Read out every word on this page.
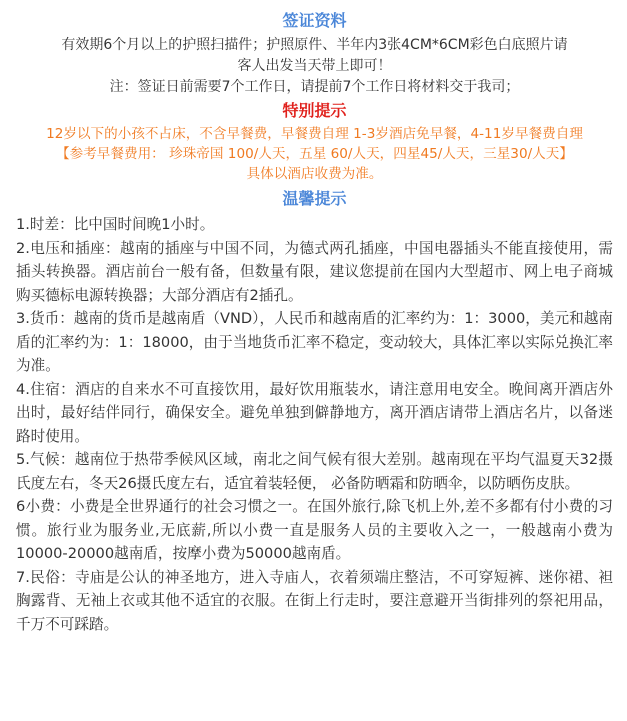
签证资料
有效期6个月以上的护照扫描件；护照原件、半年内3张4CM*6CM彩色白底照片请
客人出发当天带上即可！
注：签证日前需要7个工作日，请提前7个工作日将材料交于我司；
特别提示
12岁以下的小孩不占床，不含早餐费，早餐费自理 1-3岁酒店免早餐，4-11岁早餐费自理
【参考早餐费用： 珍珠帝国 100/人天，五星 60/人天，四星45/人天，三星30/人天】
具体以酒店收费为准。
温馨提示

1.时差：比中国时间晚1小时。

2.电压和插座：越南的插座与中国不同，为德式两孔插座，中国电器插头不能直接使用，需插头转换器。酒店前台一般有备，但数量有限，建议您提前在国内大型超市、网上电子商城购买德标电源转换器；大部分酒店有2插孔。

3.货币：越南的货币是越南盾（VND），人民币和越南盾的汇率约为：1：3000，美元和越南盾的汇率约为：1：18000，由于当地货币汇率不稳定，变动较大，具体汇率以实际兑换汇率为准。

4.住宿：酒店的自来水不可直接饮用，最好饮用瓶装水，请注意用电安全。晚间离开酒店外出时，最好结伴同行，确保安全。避免单独到僻静地方，离开酒店请带上酒店名片，以备迷路时使用。

5.气候：越南位于热带季候风区域，南北之间气候有很大差别。越南现在平均气温夏天32摄氏度左右，冬天26摄氏度左右，适宜着装轻便， 必备防晒霜和防晒伞，以防晒伤皮肤。

6小费：小费是全世界通行的社会习惯之一。在国外旅行,除飞机上外,差不多都有付小费的习惯。旅行业为服务业,无底薪,所以小费一直是服务人员的主要收入之一，一般越南小费为10000-20000越南盾，按摩小费为50000越南盾。

7.民俗：寺庙是公认的神圣地方，进入寺庙人，衣着须端庄整洁，不可穿短裤、迷你裙、袒胸露背、无袖上衣或其他不适宜的衣服。在街上行走时，要注意避开当街排列的祭祀用品，千万不可踩踏。
